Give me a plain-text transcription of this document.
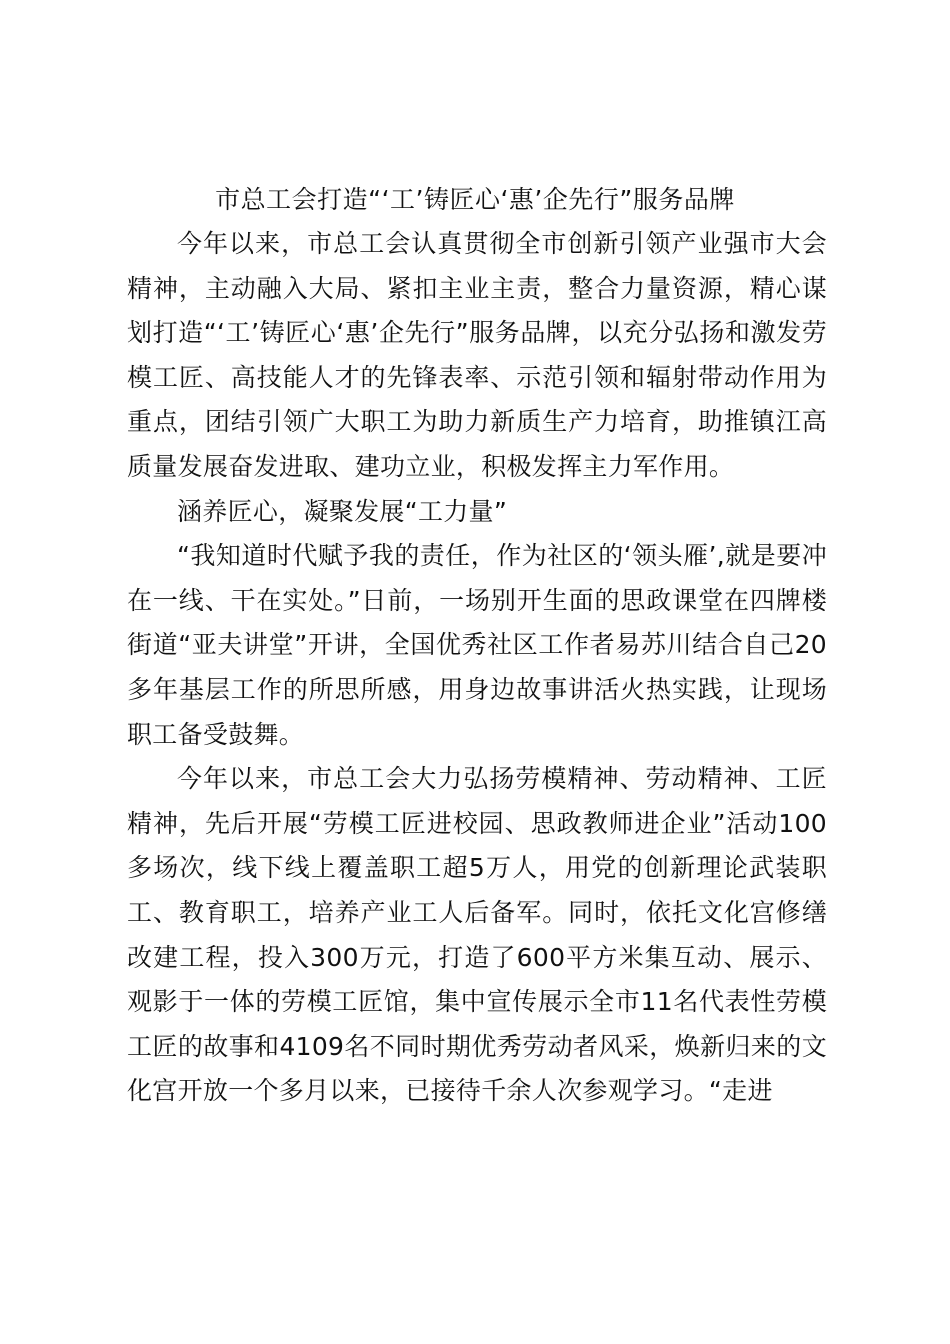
市总工会打造“‘工’铸匠心‘惠’企先行”服务品牌

今年以来，市总工会认真贯彻全市创新引领产业强市大会精神，主动融入大局、紧扣主业主责，整合力量资源，精心谋划打造“‘工’铸匠心‘惠’企先行”服务品牌，以充分弘扬和激发劳模工匠、高技能人才的先锋表率、示范引领和辐射带动作用为重点，团结引领广大职工为助力新质生产力培育，助推镇江高质量发展奋发进取、建功立业，积极发挥主力军作用。

涵养匠心，凝聚发展“工力量”

“我知道时代赋予我的责任，作为社区的‘领头雁’,就是要冲在一线、干在实处。”日前，一场别开生面的思政课堂在四牌楼街道“亚夫讲堂”开讲，全国优秀社区工作者易苏川结合自己20多年基层工作的所思所感，用身边故事讲活火热实践，让现场职工备受鼓舞。

今年以来，市总工会大力弘扬劳模精神、劳动精神、工匠精神，先后开展“劳模工匠进校园、思政教师进企业”活动100多场次，线下线上覆盖职工超5万人，用党的创新理论武装职工、教育职工，培养产业工人后备军。同时，依托文化宫修缮改建工程，投入300万元，打造了600平方米集互动、展示、观影于一体的劳模工匠馆，集中宣传展示全市11名代表性劳模工匠的故事和4109名不同时期优秀劳动者风采，焕新归来的文化宫开放一个多月以来，已接待千余人次参观学习。“走进
